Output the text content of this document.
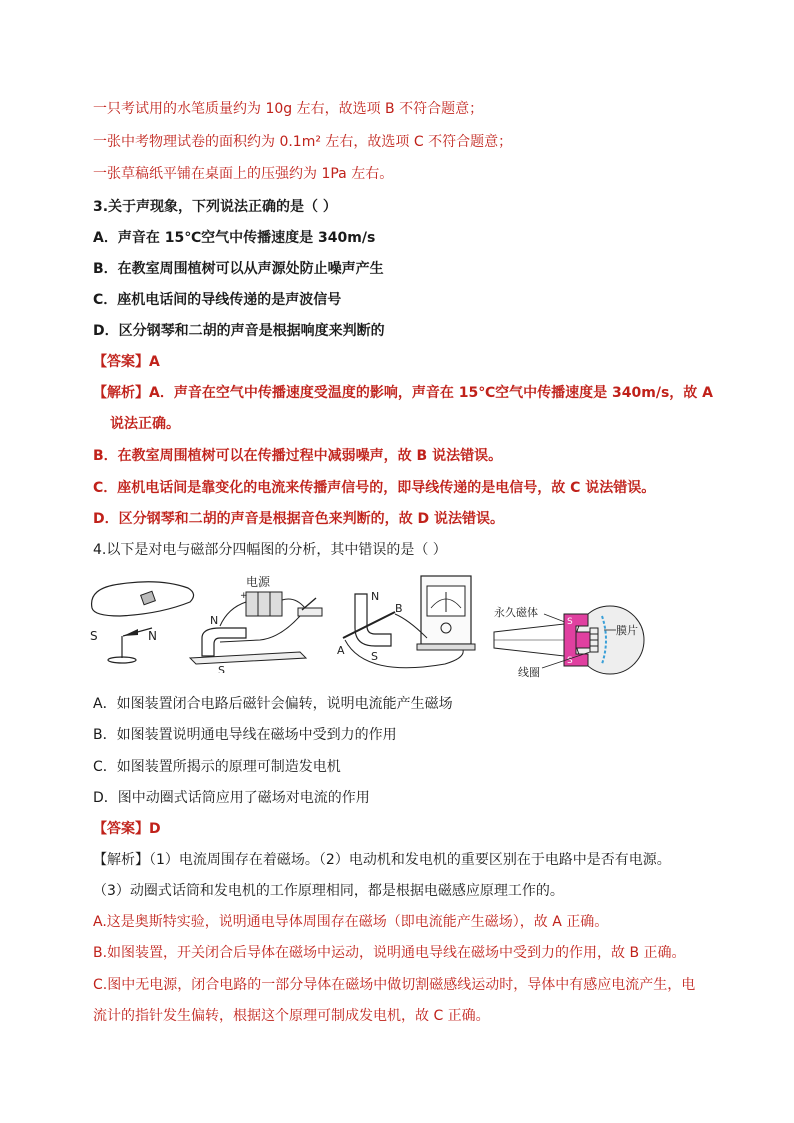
一只考试用的水笔质量约为 10g 左右，故选项 B 不符合题意；
一张中考物理试卷的面积约为 0.1m² 左右，故选项 C 不符合题意；
一张草稿纸平铺在桌面上的压强约为 1Pa 左右。
3.关于声现象，下列说法正确的是（ ）
A．声音在 15℃空气中传播速度是 340m/s
B．在教室周围植树可以从声源处防止噪声产生
C．座机电话间的导线传递的是声波信号
D．区分钢琴和二胡的声音是根据响度来判断的
【答案】A
【解析】A．声音在空气中传播速度受温度的影响，声音在 15℃空气中传播速度是 340m/s，故 A
说法正确。
B．在教室周围植树可以在传播过程中减弱噪声，故 B 说法错误。
C．座机电话间是靠变化的电流来传播声信号的，即导线传递的是电信号，故 C 说法错误。
D．区分钢琴和二胡的声音是根据音色来判断的，故 D 说法错误。
4.以下是对电与磁部分四幅图的分析，其中错误的是（ ）
S	N
电源
+
N
S
N
S
A
B	永久磁体
S
S
膜片
线圈
A．如图装置闭合电路后磁针会偏转，说明电流能产生磁场
B．如图装置说明通电导线在磁场中受到力的作用
C．如图装置所揭示的原理可制造发电机
D．图中动圈式话筒应用了磁场对电流的作用
【答案】D
【解析】（1）电流周围存在着磁场。（2）电动机和发电机的重要区别在于电路中是否有电源。
（3）动圈式话筒和发电机的工作原理相同，都是根据电磁感应原理工作的。
A.这是奥斯特实验，说明通电导体周围存在磁场（即电流能产生磁场），故 A 正确。
B.如图装置，开关闭合后导体在磁场中运动，说明通电导线在磁场中受到力的作用，故 B 正确。
C.图中无电源，闭合电路的一部分导体在磁场中做切割磁感线运动时，导体中有感应电流产生，电
流计的指针发生偏转，根据这个原理可制成发电机，故 C 正确。
